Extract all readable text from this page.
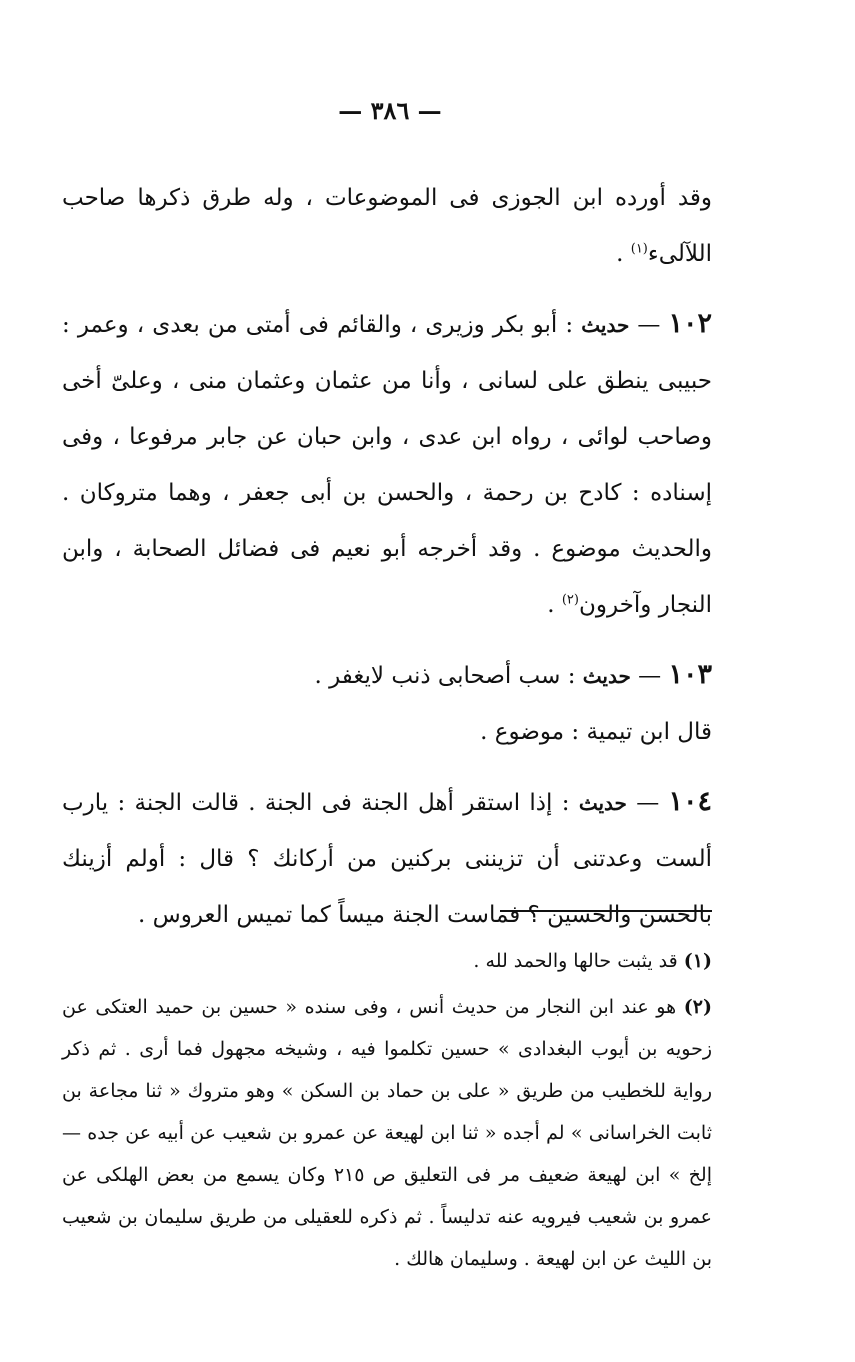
— ٣٨٦ —

وقد أورده ابن الجوزى فى الموضوعات ، وله طرق ذكرها صاحب اللآلىء$^{(١)}$ .

١٠٢ — حديث : أبو بكر وزيرى ، والقائم فى أمتى من بعدى ، وعمر : حبيبى ينطق على لسانى ، وأنا من عثمان وعثمان منى ، وعلىّ أخى وصاحب لوائى ، رواه ابن عدى ، وابن حبان عن جابر مرفوعا ، وفى إسناده : كادح بن رحمة ، والحسن بن أبى جعفر ، وهما متروكان . والحديث موضوع . وقد أخرجه أبو نعيم فى فضائل الصحابة ، وابن النجار وآخرون$^{(٢)}$ .

١٠٣ — حديث : سب أصحابى ذنب لايغفر .
قال ابن تيمية : موضوع .

١٠٤ — حديث : إذا استقر أهل الجنة فى الجنة . قالت الجنة : يارب ألست وعدتنى أن تزيننى بركنين من أركانك ؟ قال : أولم أزينك بالحسن والحسين ؟ فماست الجنة ميساً كما تميس العروس .

(١) قد يثبت حالها والحمد لله .

(٢) هو عند ابن النجار من حديث أنس ، وفى سنده « حسين بن حميد العتكى عن زحويه بن أيوب البغدادى » حسين تكلموا فيه ، وشيخه مجهول فما أرى . ثم ذكر رواية للخطيب من طريق « على بن حماد بن السكن » وهو متروك « ثنا مجاعة بن ثابت الخراسانى » لم أجده « ثنا ابن لهيعة عن عمرو بن شعيب عن أبيه عن جده — إلخ » ابن لهيعة ضعيف مر فى التعليق ص ٢١٥ وكان يسمع من بعض الهلكى عن عمرو بن شعيب فيرويه عنه تدليساً . ثم ذكره للعقيلى من طريق سليمان بن شعيب بن الليث عن ابن لهيعة . وسليمان هالك .
